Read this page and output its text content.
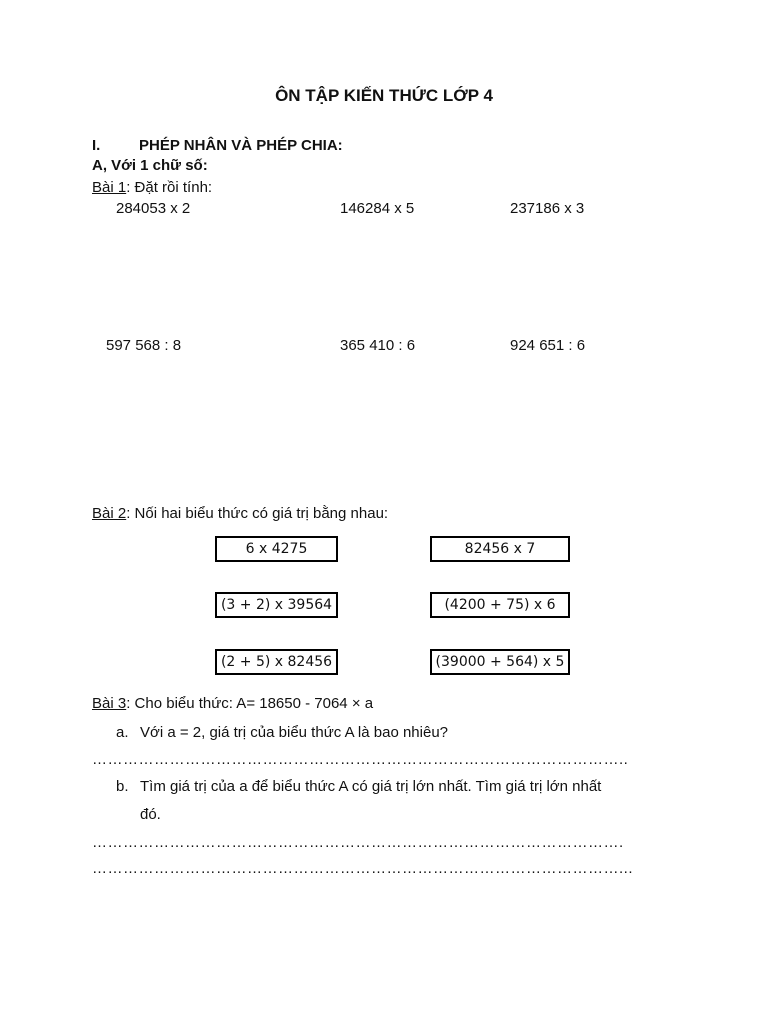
ÔN TẬP KIẾN THỨC LỚP 4
I.	PHÉP NHÂN VÀ PHÉP CHIA:
A, Với 1 chữ số:
Bài 1: Đặt rồi tính:
284053 x 2	146284 x 5	237186 x 3
597 568 : 8	365 410 : 6	924 651 : 6
Bài 2: Nối hai biểu thức có giá trị bằng nhau:
6 x 4275
(3 + 2) x 39564
(2 + 5) x 82456
82456 x 7
(4200 + 75) x 6
(39000 + 564) x 5
Bài 3: Cho biểu thức: A= 18650 - 7064 × a
a. Với a = 2, giá trị của biểu thức A là bao nhiêu?
…………………………………………………………………………………………..
b. Tìm giá trị của a để biểu thức A có giá trị lớn nhất. Tìm giá trị lớn nhất
đó.
………………………………………………………………………………………….
…………………………………………………………………………………………...
